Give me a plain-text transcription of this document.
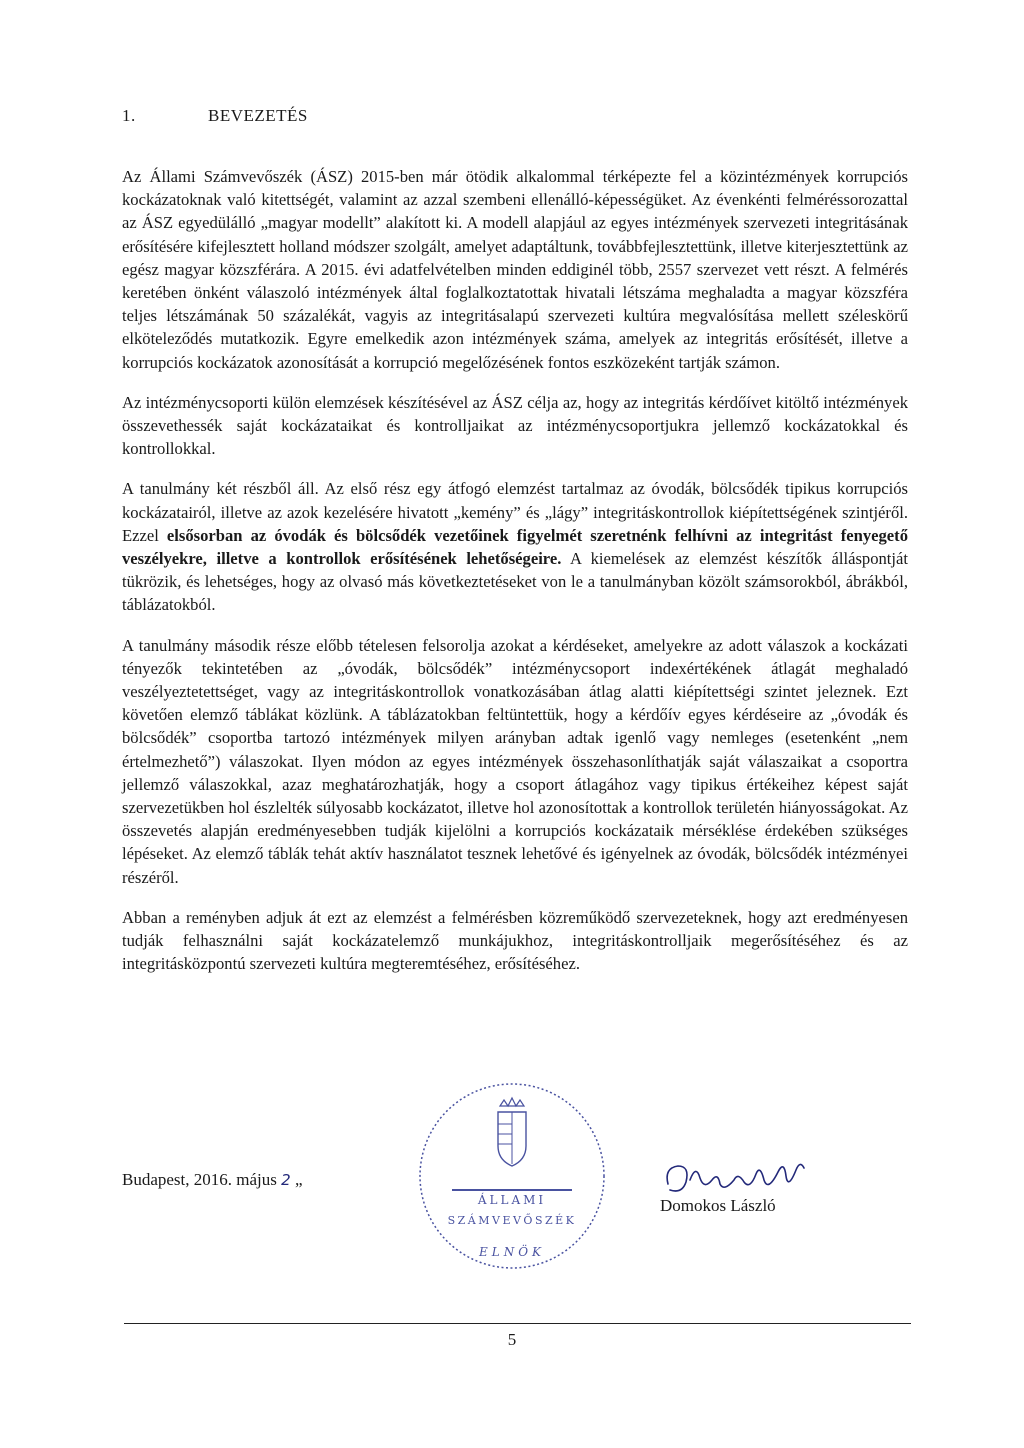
1.	BEVEZETÉS

Az Állami Számvevőszék (ÁSZ) 2015-ben már ötödik alkalommal térképezte fel a közintézmények korrupciós kockázatoknak való kitettségét, valamint az azzal szembeni ellenálló-képességüket. Az évenkénti felméréssorozattal az ÁSZ egyedülálló „magyar modellt” alakított ki. A modell alapjául az egyes intézmények szervezeti integritásának erősítésére kifejlesztett holland módszer szolgált, amelyet adaptáltunk, továbbfejlesztettünk, illetve kiterjesztettünk az egész magyar közszférára. A 2015. évi adatfelvételben minden eddiginél több, 2557 szervezet vett részt. A felmérés keretében önként válaszoló intézmények által foglalkoztatottak hivatali létszáma meghaladta a magyar közszféra teljes létszámának 50 százalékát, vagyis az integritásalapú szervezeti kultúra megvalósítása mellett széleskörű elköteleződés mutatkozik. Egyre emelkedik azon intézmények száma, amelyek az integritás erősítését, illetve a korrupciós kockázatok azonosítását a korrupció megelőzésének fontos eszközeként tartják számon.

Az intézménycsoporti külön elemzések készítésével az ÁSZ célja az, hogy az integritás kérdőívet kitöltő intézmények összevethessék saját kockázataikat és kontrolljaikat az intézménycsoportjukra jellemző kockázatokkal és kontrollokkal.

A tanulmány két részből áll. Az első rész egy átfogó elemzést tartalmaz az óvodák, bölcsődék tipikus korrupciós kockázatairól, illetve az azok kezelésére hivatott „kemény” és „lágy” integritáskontrollok kiépítettségének szintjéről. Ezzel elsősorban az óvodák és bölcsődék vezetőinek figyelmét szeretnénk felhívni az integritást fenyegető veszélyekre, illetve a kontrollok erősítésének lehetőségeire. A kiemelések az elemzést készítők álláspontját tükrözik, és lehetséges, hogy az olvasó más következtetéseket von le a tanulmányban közölt számsorokból, ábrákból, táblázatokból.

A tanulmány második része előbb tételesen felsorolja azokat a kérdéseket, amelyekre az adott válaszok a kockázati tényezők tekintetében az „óvodák, bölcsődék” intézménycsoport indexértékének átlagát meghaladó veszélyeztetettséget, vagy az integritáskontrollok vonatkozásában átlag alatti kiépítettségi szintet jeleznek. Ezt követően elemző táblákat közlünk. A táblázatokban feltüntettük, hogy a kérdőív egyes kérdéseire az „óvodák és bölcsődék” csoportba tartozó intézmények milyen arányban adtak igenlő vagy nemleges (esetenként „nem értelmezhető”) válaszokat. Ilyen módon az egyes intézmények összehasonlíthatják saját válaszaikat a csoportra jellemző válaszokkal, azaz meghatározhatják, hogy a csoport átlagához vagy tipikus értékeihez képest saját szervezetükben hol észlelték súlyosabb kockázatot, illetve hol azonosítottak a kontrollok területén hiányosságokat. Az összevetés alapján eredményesebben tudják kijelölni a korrupciós kockázataik mérséklése érdekében szükséges lépéseket. Az elemző táblák tehát aktív használatot tesznek lehetővé és igényelnek az óvodák, bölcsődék intézményei részéről.

Abban a reményben adjuk át ezt az elemzést a felmérésben közreműködő szervezeteknek, hogy azt eredményesen tudják felhasználni saját kockázatelemző munkájukhoz, integritáskontrolljaik megerősítéséhez és az integritásközpontú szervezeti kultúra megteremtéséhez, erősítéséhez.

Budapest, 2016. május 2 „
ÁLLAMI
SZÁMVEVŐSZÉK
ELNÖK
Domokos László
5
